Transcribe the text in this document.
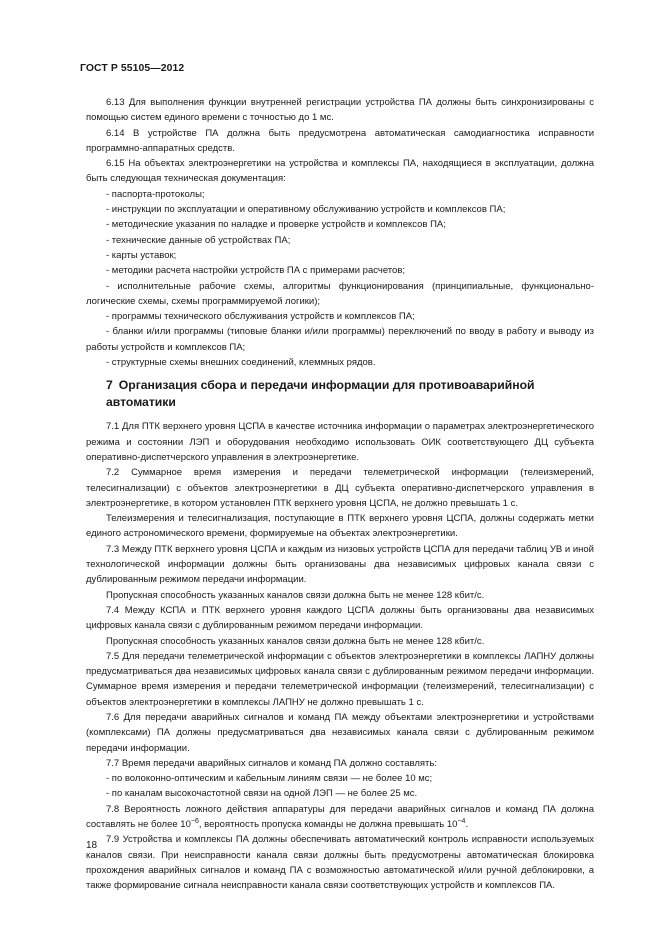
ГОСТ Р 55105—2012

6.13 Для выполнения функции внутренней регистрации устройства ПА должны быть синхронизированы с помощью систем единого времени с точностью до 1 мс.

6.14 В устройстве ПА должна быть предусмотрена автоматическая самодиагностика исправности программно-аппаратных средств.

6.15 На объектах электроэнергетики на устройства и комплексы ПА, находящиеся в эксплуатации, должна быть следующая техническая документация:

- паспорта-протоколы;

- инструкции по эксплуатации и оперативному обслуживанию устройств и комплексов ПА;

- методические указания по наладке и проверке устройств и комплексов ПА;

- технические данные об устройствах ПА;

- карты уставок;

- методики расчета настройки устройств ПА с примерами расчетов;

- исполнительные рабочие схемы, алгоритмы функционирования (принципиальные, функционально-логические схемы, схемы программируемой логики);

- программы технического обслуживания устройств и комплексов ПА;

- бланки и/или программы (типовые бланки и/или программы) переключений по вводу в работу и выводу из работы устройств и комплексов ПА;

- структурные схемы внешних соединений, клеммных рядов.

7 Организация сбора и передачи информации для противоаварийной автоматики

7.1 Для ПТК верхнего уровня ЦСПА в качестве источника информации о параметрах электроэнергетического режима и состоянии ЛЭП и оборудования необходимо использовать ОИК соответствующего ДЦ субъекта оперативно-диспетчерского управления в электроэнергетике.

7.2 Суммарное время измерения и передачи телеметрической информации (телеизмерений, телесигнализации) с объектов электроэнергетики в ДЦ субъекта оперативно-диспетчерского управления в электроэнергетике, в котором установлен ПТК верхнего уровня ЦСПА, не должно превышать 1 с.

Телеизмерения и телесигнализация, поступающие в ПТК верхнего уровня ЦСПА, должны содержать метки единого астрономического времени, формируемые на объектах электроэнергетики.

7.3 Между ПТК верхнего уровня ЦСПА и каждым из низовых устройств ЦСПА для передачи таблиц УВ и иной технологической информации должны быть организованы два независимых цифровых канала связи с дублированным режимом передачи информации.

Пропускная способность указанных каналов связи должна быть не менее 128 кбит/с.

7.4 Между КСПА и ПТК верхнего уровня каждого ЦСПА должны быть организованы два независимых цифровых канала связи с дублированным режимом передачи информации.

Пропускная способность указанных каналов связи должна быть не менее 128 кбит/с.

7.5 Для передачи телеметрической информации с объектов электроэнергетики в комплексы ЛАПНУ должны предусматриваться два независимых цифровых канала связи с дублированным режимом передачи информации. Суммарное время измерения и передачи телеметрической информации (телеизмерений, телесигнализации) с объектов электроэнергетики в комплексы ЛАПНУ не должно превышать 1 с.

7.6 Для передачи аварийных сигналов и команд ПА между объектами электроэнергетики и устройствами (комплексами) ПА должны предусматриваться два независимых канала связи с дублированным режимом передачи информации.

7.7 Время передачи аварийных сигналов и команд ПА должно составлять:

- по волоконно-оптическим и кабельным линиям связи — не более 10 мс;

- по каналам высокочастотной связи на одной ЛЭП — не более 25 мс.

7.8 Вероятность ложного действия аппаратуры для передачи аварийных сигналов и команд ПА должна составлять не более $10^{-6}$, вероятность пропуска команды не должна превышать $10^{-4}$.

7.9 Устройства и комплексы ПА должны обеспечивать автоматический контроль исправности используемых каналов связи. При неисправности канала связи должны быть предусмотрены автоматическая блокировка прохождения аварийных сигналов и команд ПА с возможностью автоматической и/или ручной деблокировки, а также формирование сигнала неисправности канала связи соответствующих устройств и комплексов ПА.

18
